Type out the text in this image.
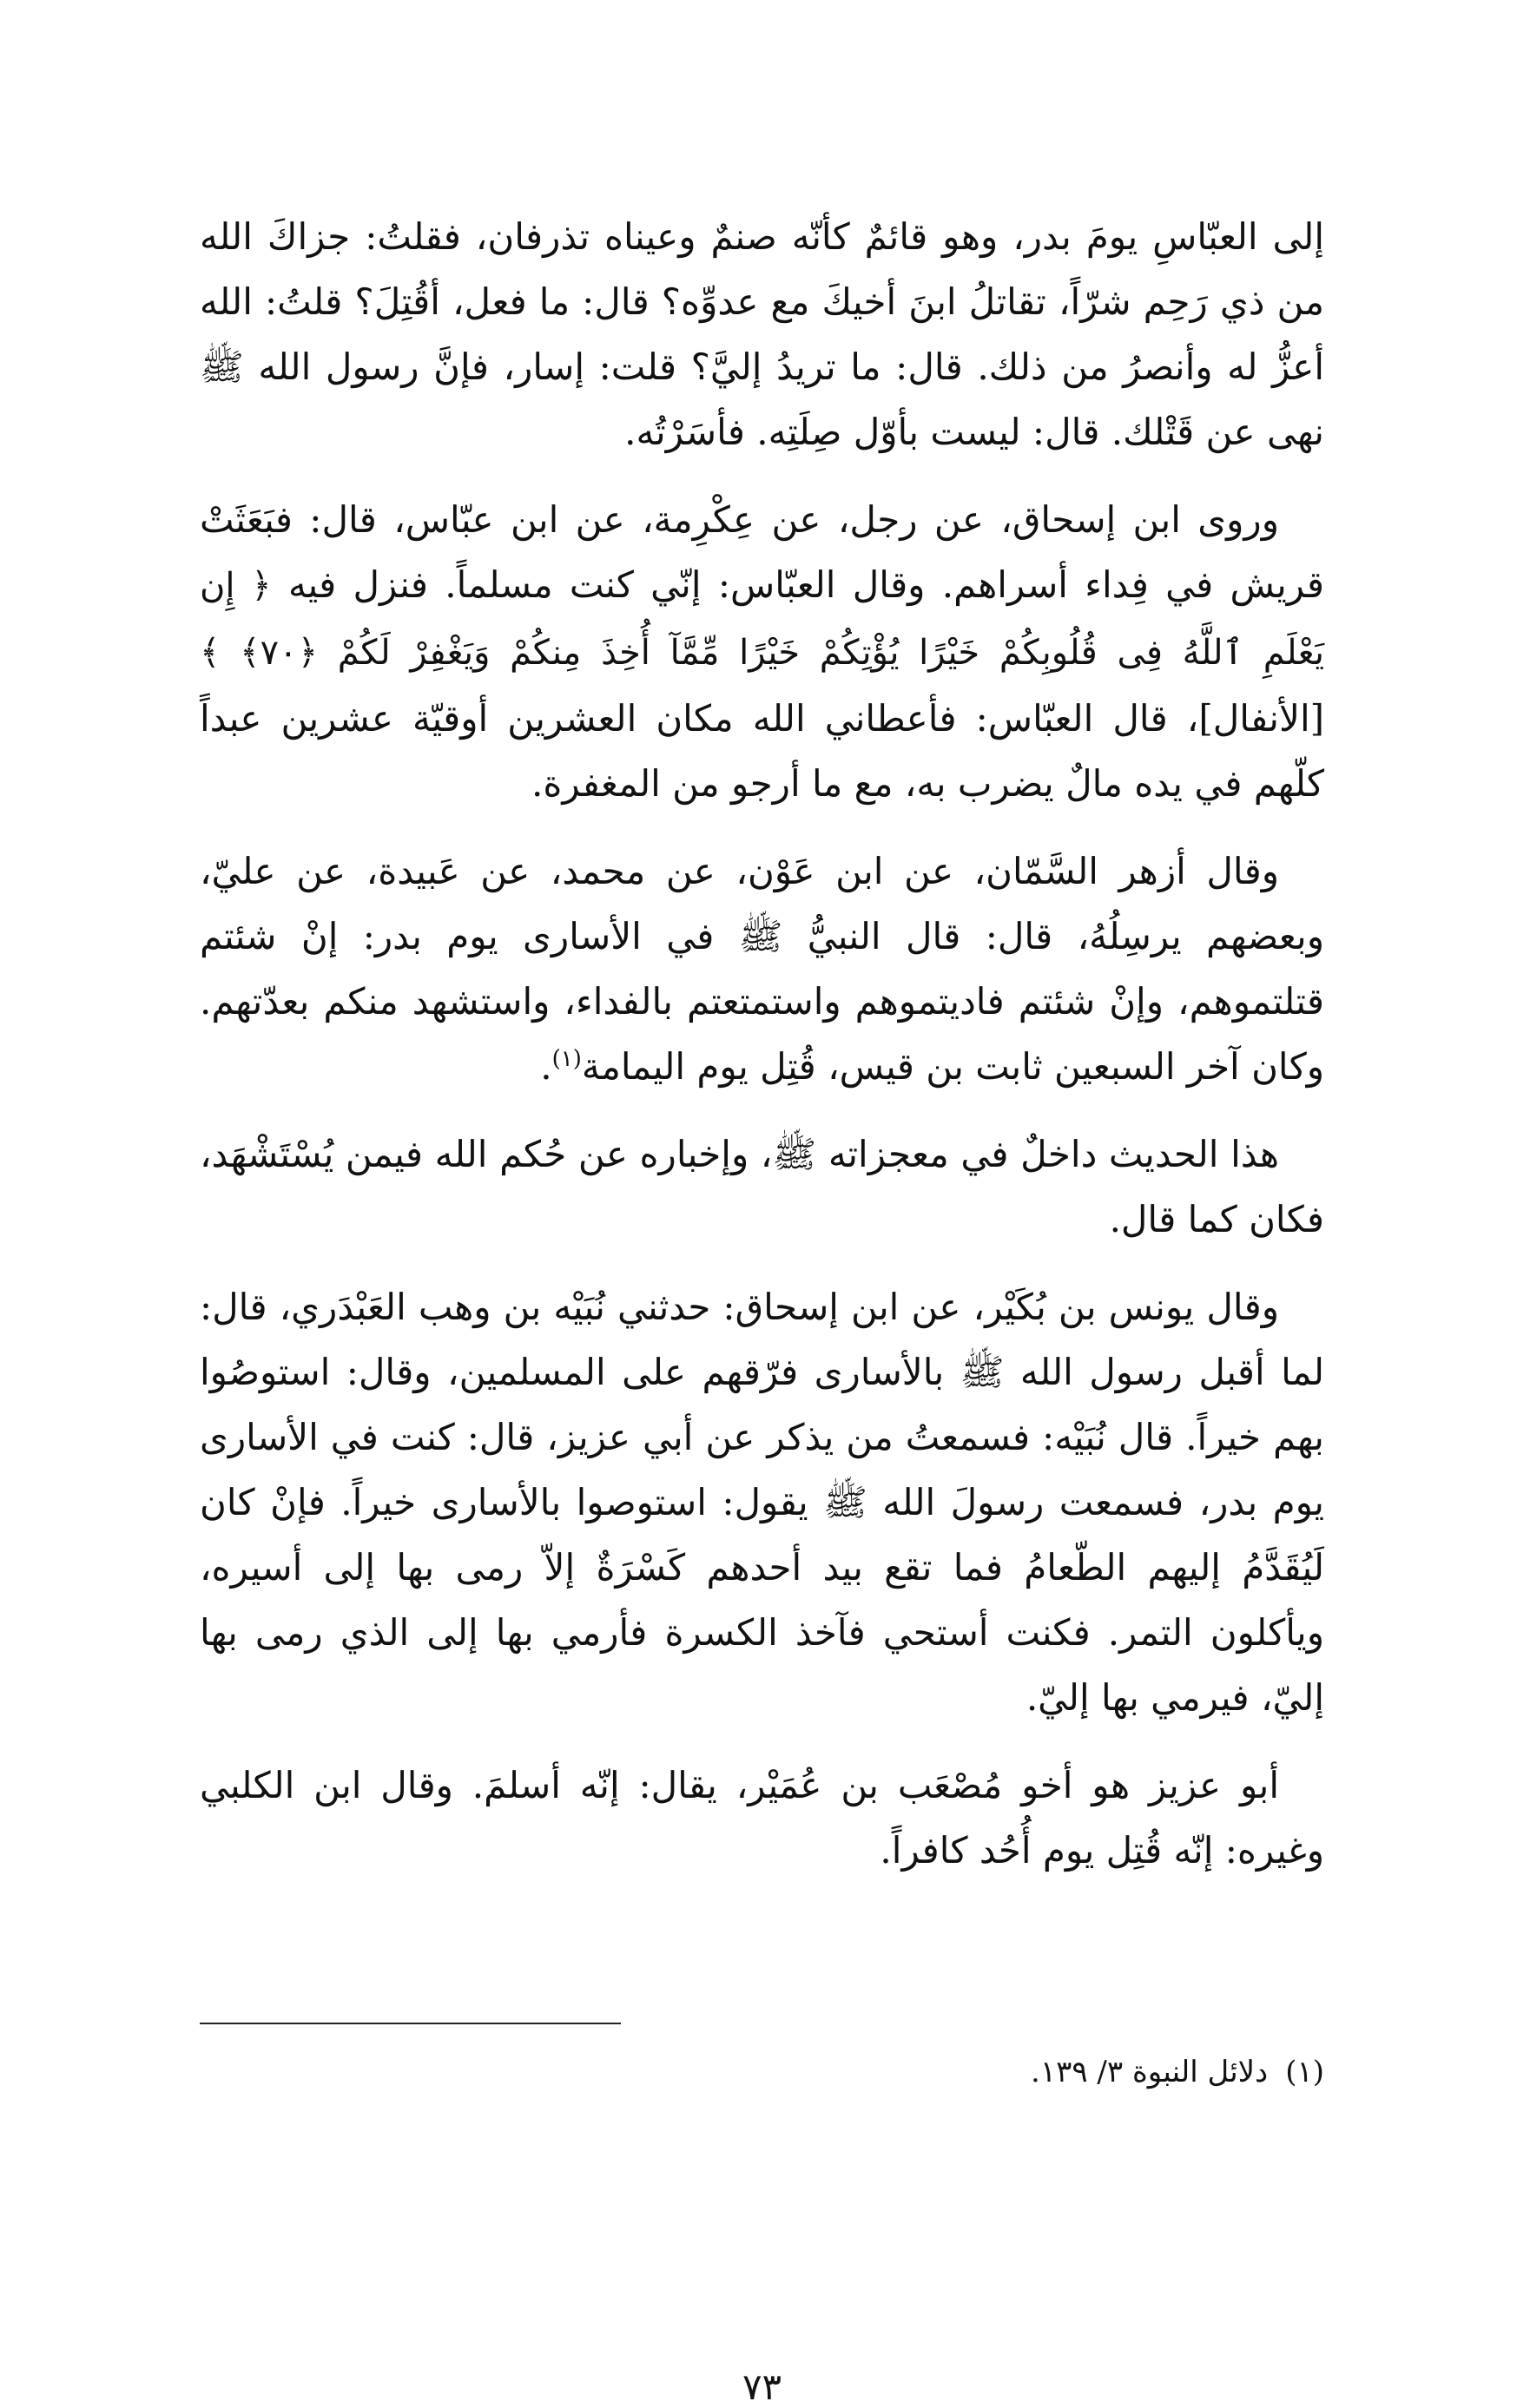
إلى العبّاسِ يومَ بدر، وهو قائمٌ كأنّه صنمٌ وعيناه تذرفان، فقلتُ: جزاكَ الله من ذي رَحِم شرّاً، تقاتلُ ابنَ أخيكَ مع عدوِّه؟ قال: ما فعل، أقُتِلَ؟ قلتُ: الله أعزُّ له وأنصرُ من ذلك. قال: ما تريدُ إليَّ؟ قلت: إسار، فإنَّ رسول الله ﷺ نهى عن قَتْلك. قال: ليست بأوّل صِلَتِه. فأسَرْتُه.

وروى ابن إسحاق، عن رجل، عن عِكْرِمة، عن ابن عبّاس، قال: فبَعَثَتْ قريش في فِداء أسراهم. وقال العبّاس: إنّي كنت مسلماً. فنزل فيه ﴿ إِن يَعْلَمِ ٱللَّهُ فِى قُلُوبِكُمْ خَيْرًا يُؤْتِكُمْ خَيْرًا مِّمَّآ أُخِذَ مِنكُمْ وَيَغْفِرْ لَكُمْ ﴿٧٠﴾ ﴾ [الأنفال]، قال العبّاس: فأعطاني الله مكان العشرين أوقيّة عشرين عبداً كلّهم في يده مالٌ يضرب به، مع ما أرجو من المغفرة.

وقال أزهر السَّمّان، عن ابن عَوْن، عن محمد، عن عَبيدة، عن عليّ، وبعضهم يرسِلُهُ، قال: قال النبيُّ ﷺ في الأسارى يوم بدر: إنْ شئتم قتلتموهم، وإنْ شئتم فاديتموهم واستمتعتم بالفداء، واستشهد منكم بعدّتهم. وكان آخر السبعين ثابت بن قيس، قُتِل يوم اليمامة$^{(١)}$.

هذا الحديث داخلٌ في معجزاته ﷺ، وإخباره عن حُكم الله فيمن يُسْتَشْهَد، فكان كما قال.

وقال يونس بن بُكَيْر، عن ابن إسحاق: حدثني نُبَيْه بن وهب العَبْدَري، قال: لما أقبل رسول الله ﷺ بالأسارى فرّقهم على المسلمين، وقال: استوصُوا بهم خيراً. قال نُبَيْه: فسمعتُ من يذكر عن أبي عزيز، قال: كنت في الأسارى يوم بدر، فسمعت رسولَ الله ﷺ يقول: استوصوا بالأسارى خيراً. فإنْ كان لَيُقَدَّمُ إليهم الطّعامُ فما تقع بيد أحدهم كَسْرَةٌ إلاّ رمى بها إلى أسيره، ويأكلون التمر. فكنت أستحي فآخذ الكسرة فأرمي بها إلى الذي رمى بها إليّ، فيرمي بها إليّ.

أبو عزيز هو أخو مُصْعَب بن عُمَيْر، يقال: إنّه أسلمَ. وقال ابن الكلبي وغيره: إنّه قُتِل يوم أُحُد كافراً.

(١)دلائل النبوة ٣/ ١٣٩.
٧٣
